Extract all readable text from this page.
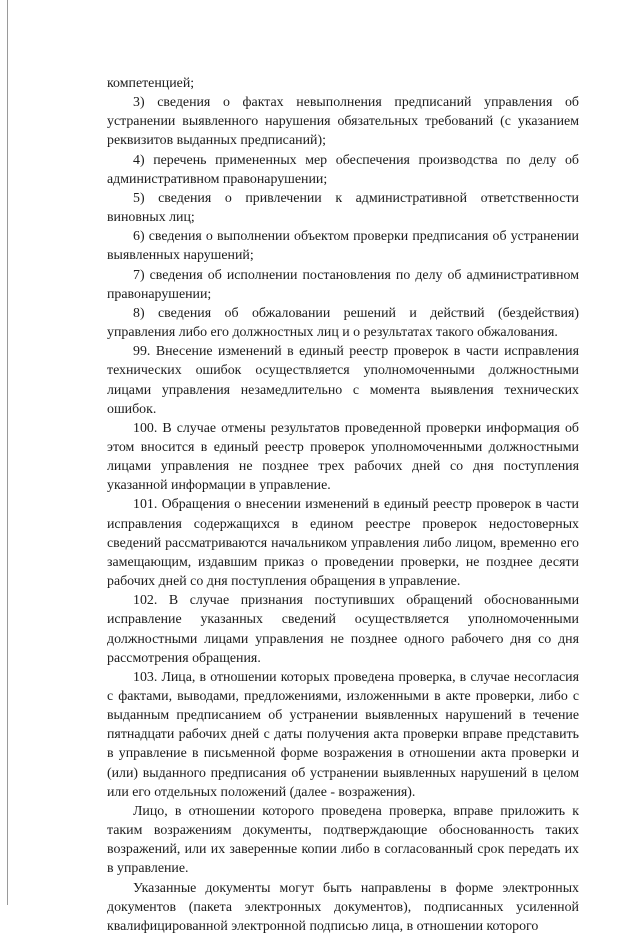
компетенцией;

3) сведения о фактах невыполнения предписаний управления об устранении выявленного нарушения обязательных требований (с указанием реквизитов выданных предписаний);

4) перечень примененных мер обеспечения производства по делу об административном правонарушении;

5) сведения о привлечении к административной ответственности виновных лиц;

6) сведения о выполнении объектом проверки предписания об устранении выявленных нарушений;

7) сведения об исполнении постановления по делу об административном правонарушении;

8) сведения об обжаловании решений и действий (бездействия) управления либо его должностных лиц и о результатах такого обжалования.

99. Внесение изменений в единый реестр проверок в части исправления технических ошибок осуществляется уполномоченными должностными лицами управления незамедлительно с момента выявления технических ошибок.

100. В случае отмены результатов проведенной проверки информация об этом вносится в единый реестр проверок уполномоченными должностными лицами управления не позднее трех рабочих дней со дня поступления указанной информации в управление.

101. Обращения о внесении изменений в единый реестр проверок в части исправления содержащихся в едином реестре проверок недостоверных сведений рассматриваются начальником управления либо лицом, временно его замещающим, издавшим приказ о проведении проверки, не позднее десяти рабочих дней со дня поступления обращения в управление.

102. В случае признания поступивших обращений обоснованными исправление указанных сведений осуществляется уполномоченными должностными лицами управления не позднее одного рабочего дня со дня рассмотрения обращения.

103. Лица, в отношении которых проведена проверка, в случае несогласия с фактами, выводами, предложениями, изложенными в акте проверки, либо с выданным предписанием об устранении выявленных нарушений в течение пятнадцати рабочих дней с даты получения акта проверки вправе представить в управление в письменной форме возражения в отношении акта проверки и (или) выданного предписания об устранении выявленных нарушений в целом или его отдельных положений (далее - возражения).

Лицо, в отношении которого проведена проверка, вправе приложить к таким возражениям документы, подтверждающие обоснованность таких возражений, или их заверенные копии либо в согласованный срок передать их в управление.

Указанные документы могут быть направлены в форме электронных документов (пакета электронных документов), подписанных усиленной квалифицированной электронной подписью лица, в отношении которого
